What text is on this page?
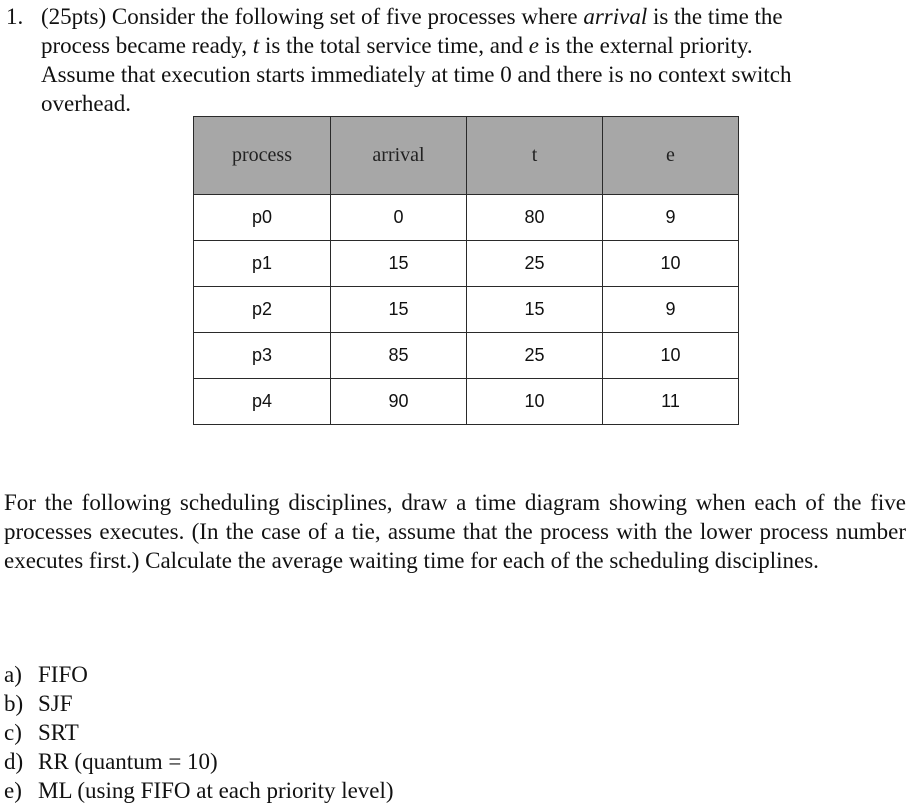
1. (25pts) Consider the following set of five processes where arrival is the time the
process became ready, t is the total service time, and e is the external priority.
Assume that execution starts immediately at time 0 and there is no context switch
overhead.
process	arrival	t	e
p0	0	80	9
p1	15	25	10
p2	15	15	9
p3	85	25	10
p4	90	10	11
For the following scheduling disciplines, draw a time diagram showing when each of the five processes executes. (In the case of a tie, assume that the process with the lower process number executes first.) Calculate the average waiting time for each of the scheduling disciplines.
a) FIFO
b) SJF
c) SRT
d) RR (quantum = 10)
e) ML (using FIFO at each priority level)
